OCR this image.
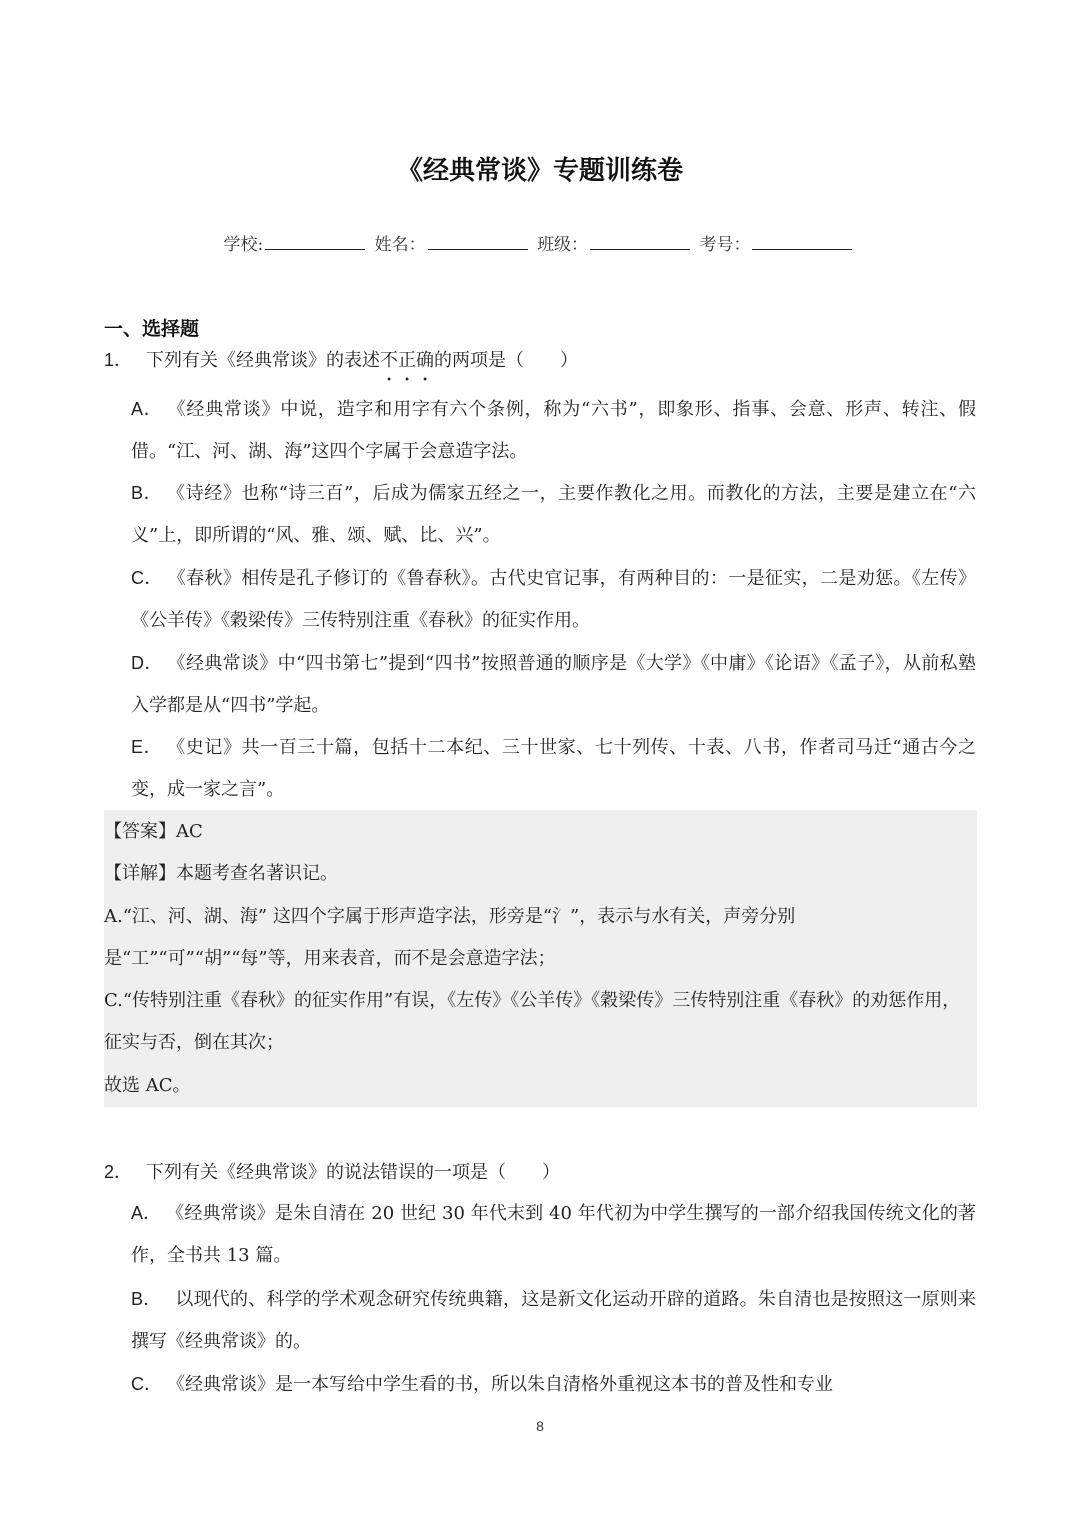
《经典常谈》专题训练卷
学校:	姓名：	班级：	考号：
一、选择题
1． 下列有关《经典常谈》的表述不正确的两项是（　　）
A． 《经典常谈》中说，造字和用字有六个条例，称为“六书”，即象形、指事、会意、形声、转注、假借。“江、河、湖、海”这四个字属于会意造字法。
B． 《诗经》也称“诗三百”，后成为儒家五经之一，主要作教化之用。而教化的方法，主要是建立在“六义”上，即所谓的“风、雅、颂、赋、比、兴”。
C． 《春秋》相传是孔子修订的《鲁春秋》。古代史官记事，有两种目的：一是征实，二是劝惩。《左传》《公羊传》《穀梁传》三传特别注重《春秋》的征实作用。
D． 《经典常谈》中“四书第七”提到“四书”按照普通的顺序是《大学》《中庸》《论语》《孟子》，从前私塾入学都是从“四书”学起。
E． 《史记》共一百三十篇，包括十二本纪、三十世家、七十列传、十表、八书，作者司马迁“通古今之变，成一家之言”。
【答案】AC
【详解】本题考查名著识记。
A.“江、河、湖、海” 这四个字属于形声造字法，形旁是“氵”，表示与水有关，声旁分别是“工”“可”“胡”“每”等，用来表音，而不是会意造字法；
C.“传特别注重《春秋》的征实作用”有误，《左传》《公羊传》《穀梁传》三传特别注重《春秋》的劝惩作用，征实与否，倒在其次；
故选 AC。
2． 下列有关《经典常谈》的说法错误的一项是（　　）
A． 《经典常谈》是朱自清在 20 世纪 30 年代末到 40 年代初为中学生撰写的一部介绍我国传统文化的著作，全书共 13 篇。
B． 以现代的、科学的学术观念研究传统典籍，这是新文化运动开辟的道路。朱自清也是按照这一原则来撰写《经典常谈》的。
C． 《经典常谈》是一本写给中学生看的书，所以朱自清格外重视这本书的普及性和专业
8
